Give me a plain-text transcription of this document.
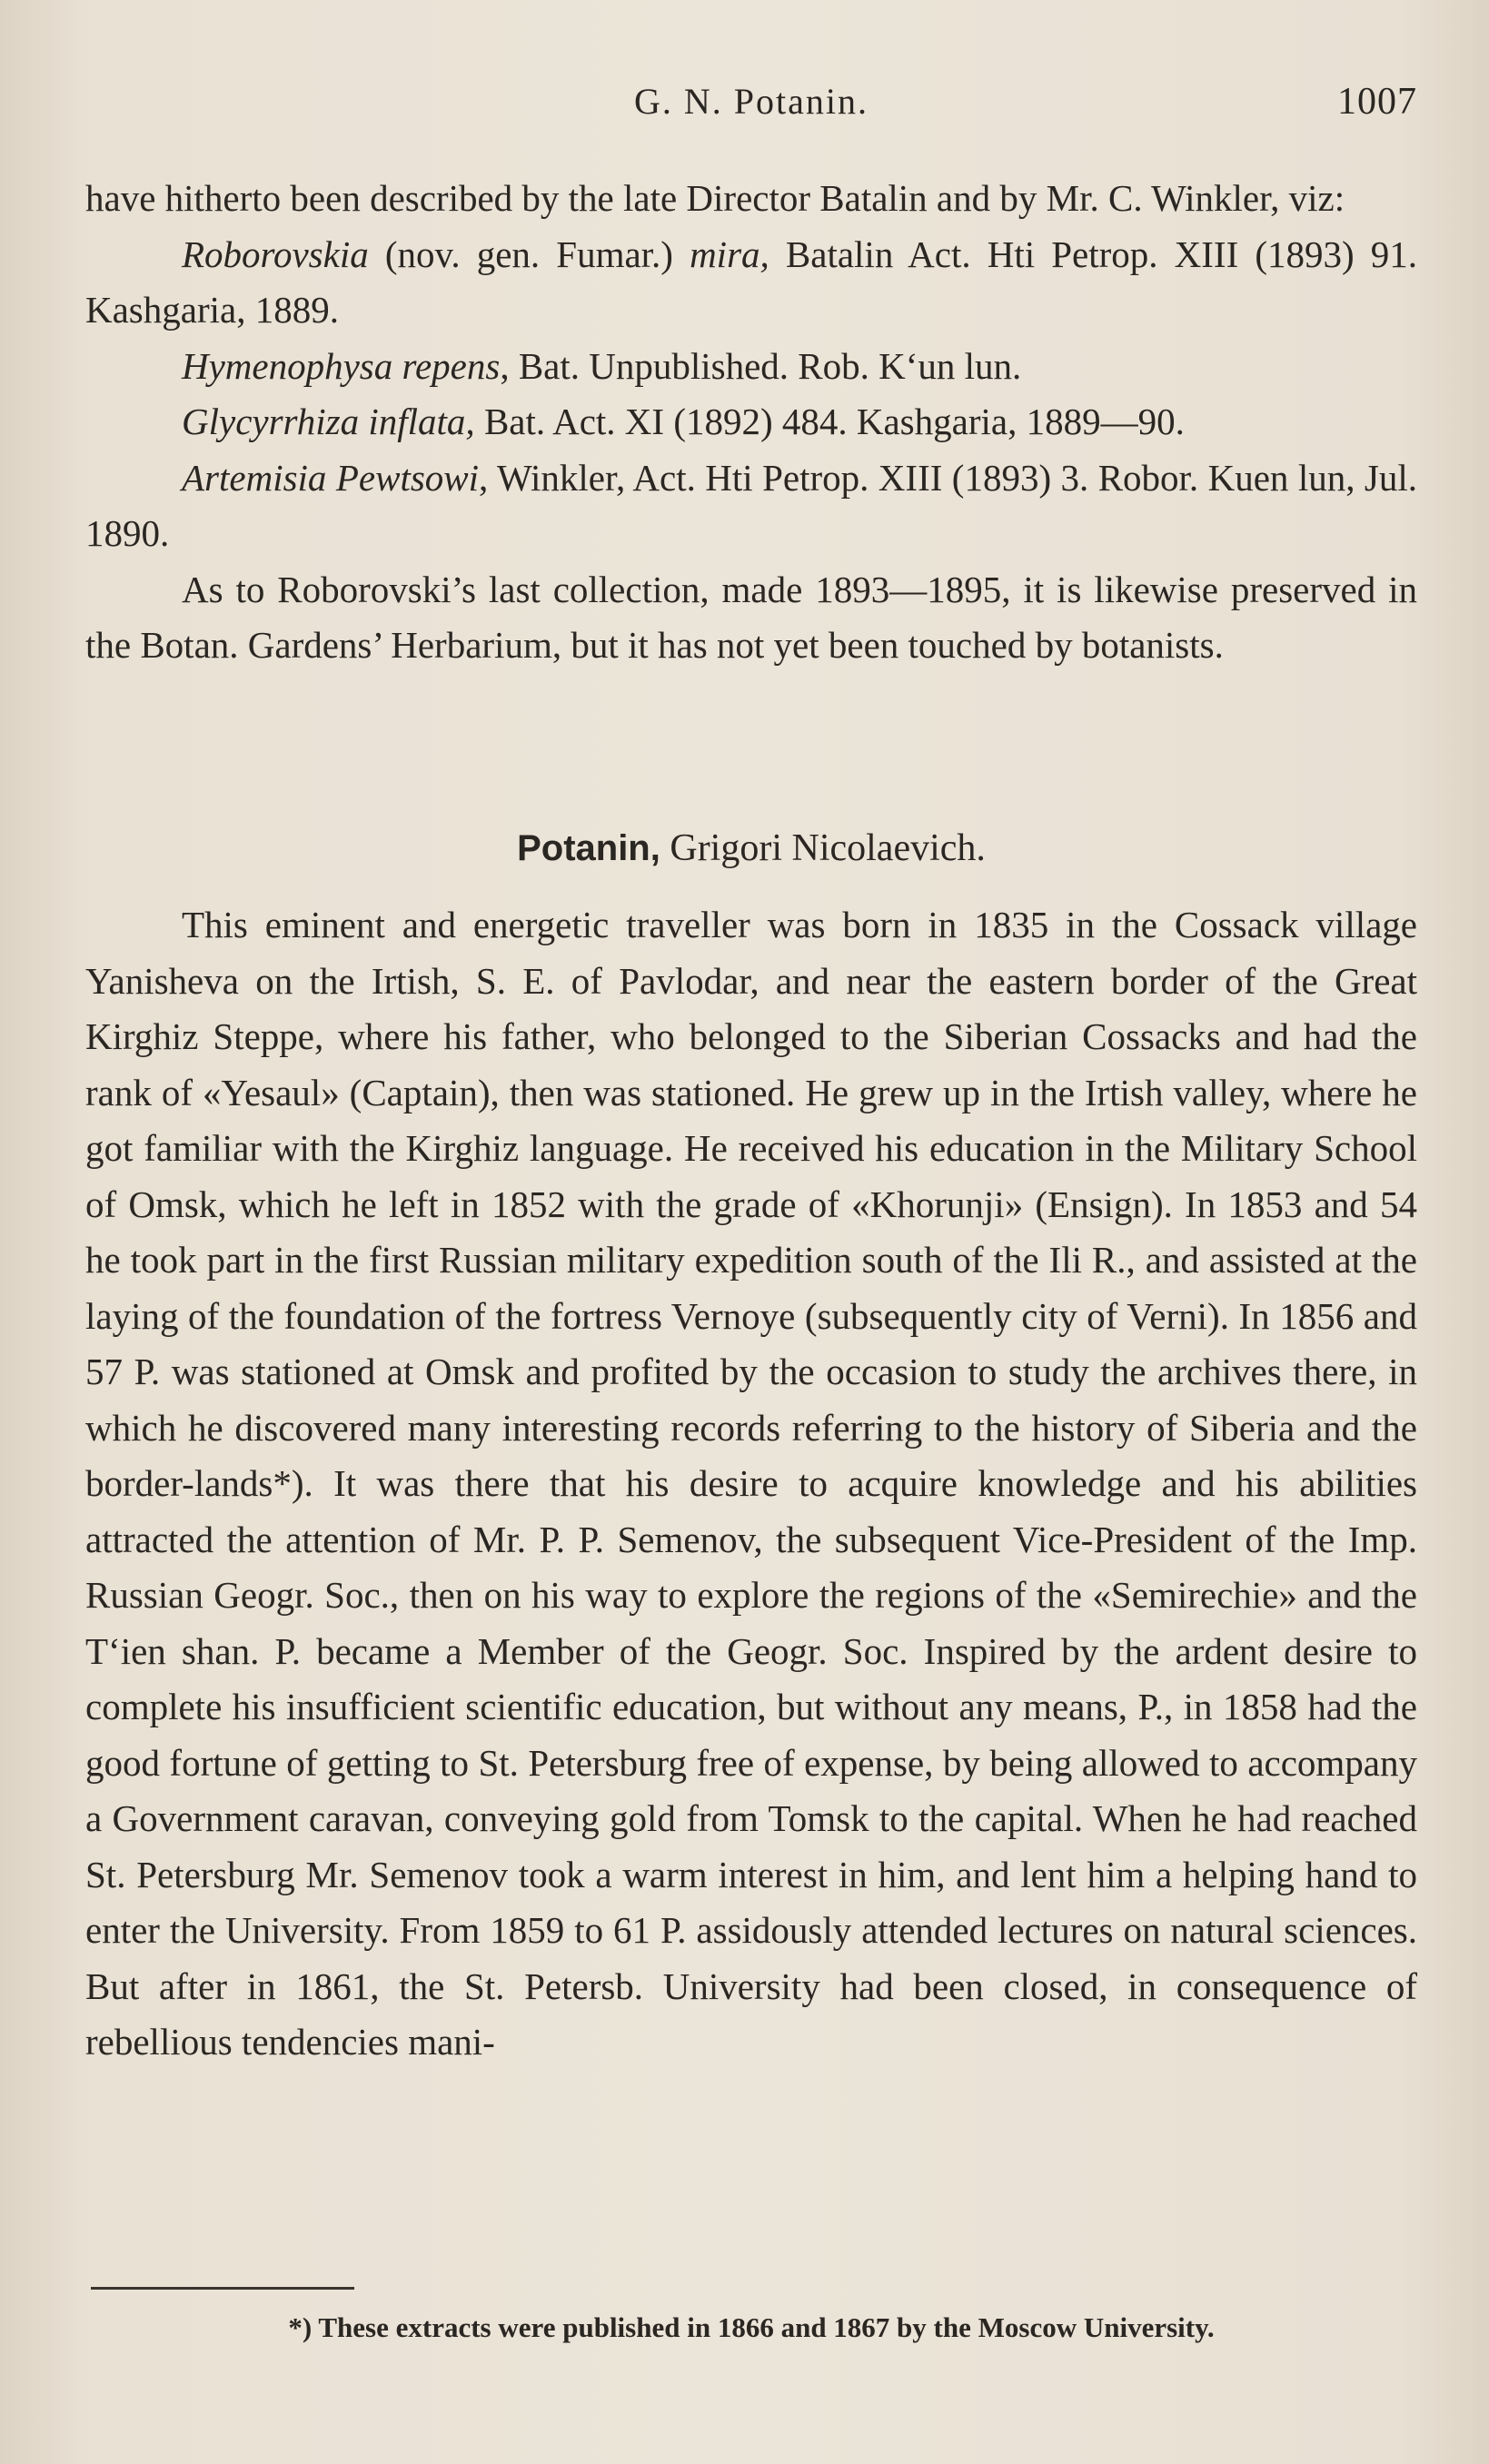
G. N. Potanin.	1007

have hitherto been described by the late Director Batalin and by Mr. C. Winkler, viz:

Roborovskia (nov. gen. Fumar.) mira, Batalin Act. Hti Petrop. XIII (1893) 91. Kashgaria, 1889.

Hymenophysa repens, Bat. Unpublished. Rob. K‘un lun.

Glycyrrhiza inflata, Bat. Act. XI (1892) 484. Kashgaria, 1889—90.

Artemisia Pewtsowi, Winkler, Act. Hti Petrop. XIII (1893) 3. Robor. Kuen lun, Jul. 1890.

As to Roborovski’s last collection, made 1893—1895, it is likewise preserved in the Botan. Gardens’ Herbarium, but it has not yet been touched by botanists.

Potanin, Grigori Nicolaevich.

This eminent and energetic traveller was born in 1835 in the Cossack village Yanisheva on the Irtish, S. E. of Pavlodar, and near the eastern border of the Great Kirghiz Steppe, where his father, who belonged to the Siberian Cossacks and had the rank of «Yesaul» (Captain), then was stationed. He grew up in the Irtish valley, where he got familiar with the Kirghiz language. He received his education in the Military School of Omsk, which he left in 1852 with the grade of «Khorunji» (Ensign). In 1853 and 54 he took part in the first Russian military expedition south of the Ili R., and assisted at the laying of the foundation of the fortress Vernoye (subsequently city of Verni). In 1856 and 57 P. was stationed at Omsk and profited by the occasion to study the archives there, in which he discovered many interesting records referring to the history of Siberia and the border-lands*). It was there that his desire to acquire knowledge and his abilities attracted the attention of Mr. P. P. Semenov, the subsequent Vice-President of the Imp. Russian Geogr. Soc., then on his way to explore the regions of the «Semirechie» and the T‘ien shan. P. became a Member of the Geogr. Soc. Inspired by the ardent desire to complete his insufficient scientific education, but without any means, P., in 1858 had the good fortune of getting to St. Petersburg free of expense, by being allowed to accompany a Government caravan, conveying gold from Tomsk to the capital. When he had reached St. Petersburg Mr. Semenov took a warm interest in him, and lent him a helping hand to enter the University. From 1859 to 61 P. assidously attended lectures on natural sciences. But after in 1861, the St. Petersb. University had been closed, in consequence of rebellious tendencies mani-

*) These extracts were published in 1866 and 1867 by the Moscow University.
